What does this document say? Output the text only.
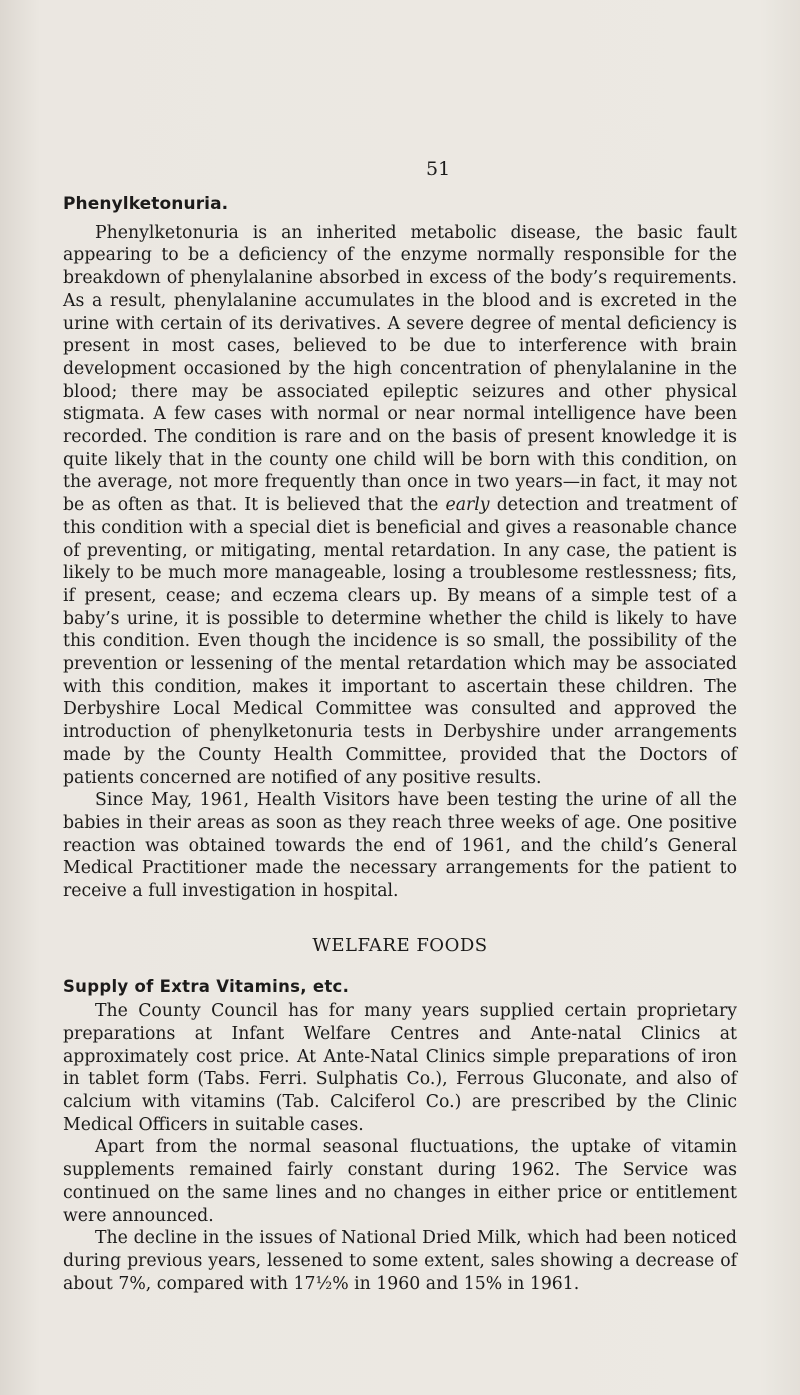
51
Phenylketonuria.

Phenylketonuria is an inherited metabolic disease, the basic fault appearing to be a deficiency of the enzyme normally responsible for the breakdown of phenylalanine absorbed in excess of the body’s requirements. As a result, phenylalanine accumulates in the blood and is excreted in the urine with certain of its derivatives. A severe degree of mental deficiency is present in most cases, believed to be due to interference with brain development occasioned by the high concentration of phenylalanine in the blood; there may be associated epileptic seizures and other physical stigmata. A few cases with normal or near normal intelligence have been recorded. The condition is rare and on the basis of present knowledge it is quite likely that in the county one child will be born with this condition, on the average, not more frequently than once in two years—in fact, it may not be as often as that. It is believed that the early detection and treatment of this condition with a special diet is beneficial and gives a reasonable chance of preventing, or mitigating, mental retardation. In any case, the patient is likely to be much more manageable, losing a troublesome restlessness; fits, if present, cease; and eczema clears up. By means of a simple test of a baby’s urine, it is possible to determine whether the child is likely to have this condition. Even though the incidence is so small, the possibility of the prevention or lessening of the mental retardation which may be associated with this condition, makes it important to ascertain these children. The Derbyshire Local Medical Committee was consulted and approved the introduction of phenylketonuria tests in Derbyshire under arrangements made by the County Health Committee, provided that the Doctors of patients concerned are notified of any positive results.

Since May, 1961, Health Visitors have been testing the urine of all the babies in their areas as soon as they reach three weeks of age. One positive reaction was obtained towards the end of 1961, and the child’s General Medical Practitioner made the necessary arrangements for the patient to receive a full investigation in hospital.

WELFARE FOODS
Supply of Extra Vitamins, etc.

The County Council has for many years supplied certain proprietary preparations at Infant Welfare Centres and Ante-natal Clinics at approximately cost price. At Ante-Natal Clinics simple preparations of iron in tablet form (Tabs. Ferri. Sulphatis Co.), Ferrous Gluconate, and also of calcium with vitamins (Tab. Calciferol Co.) are prescribed by the Clinic Medical Officers in suitable cases.

Apart from the normal seasonal fluctuations, the uptake of vitamin supplements remained fairly constant during 1962. The Service was continued on the same lines and no changes in either price or entitlement were announced.

The decline in the issues of National Dried Milk, which had been noticed during previous years, lessened to some extent, sales showing a decrease of about 7%, compared with 17½% in 1960 and 15% in 1961.
